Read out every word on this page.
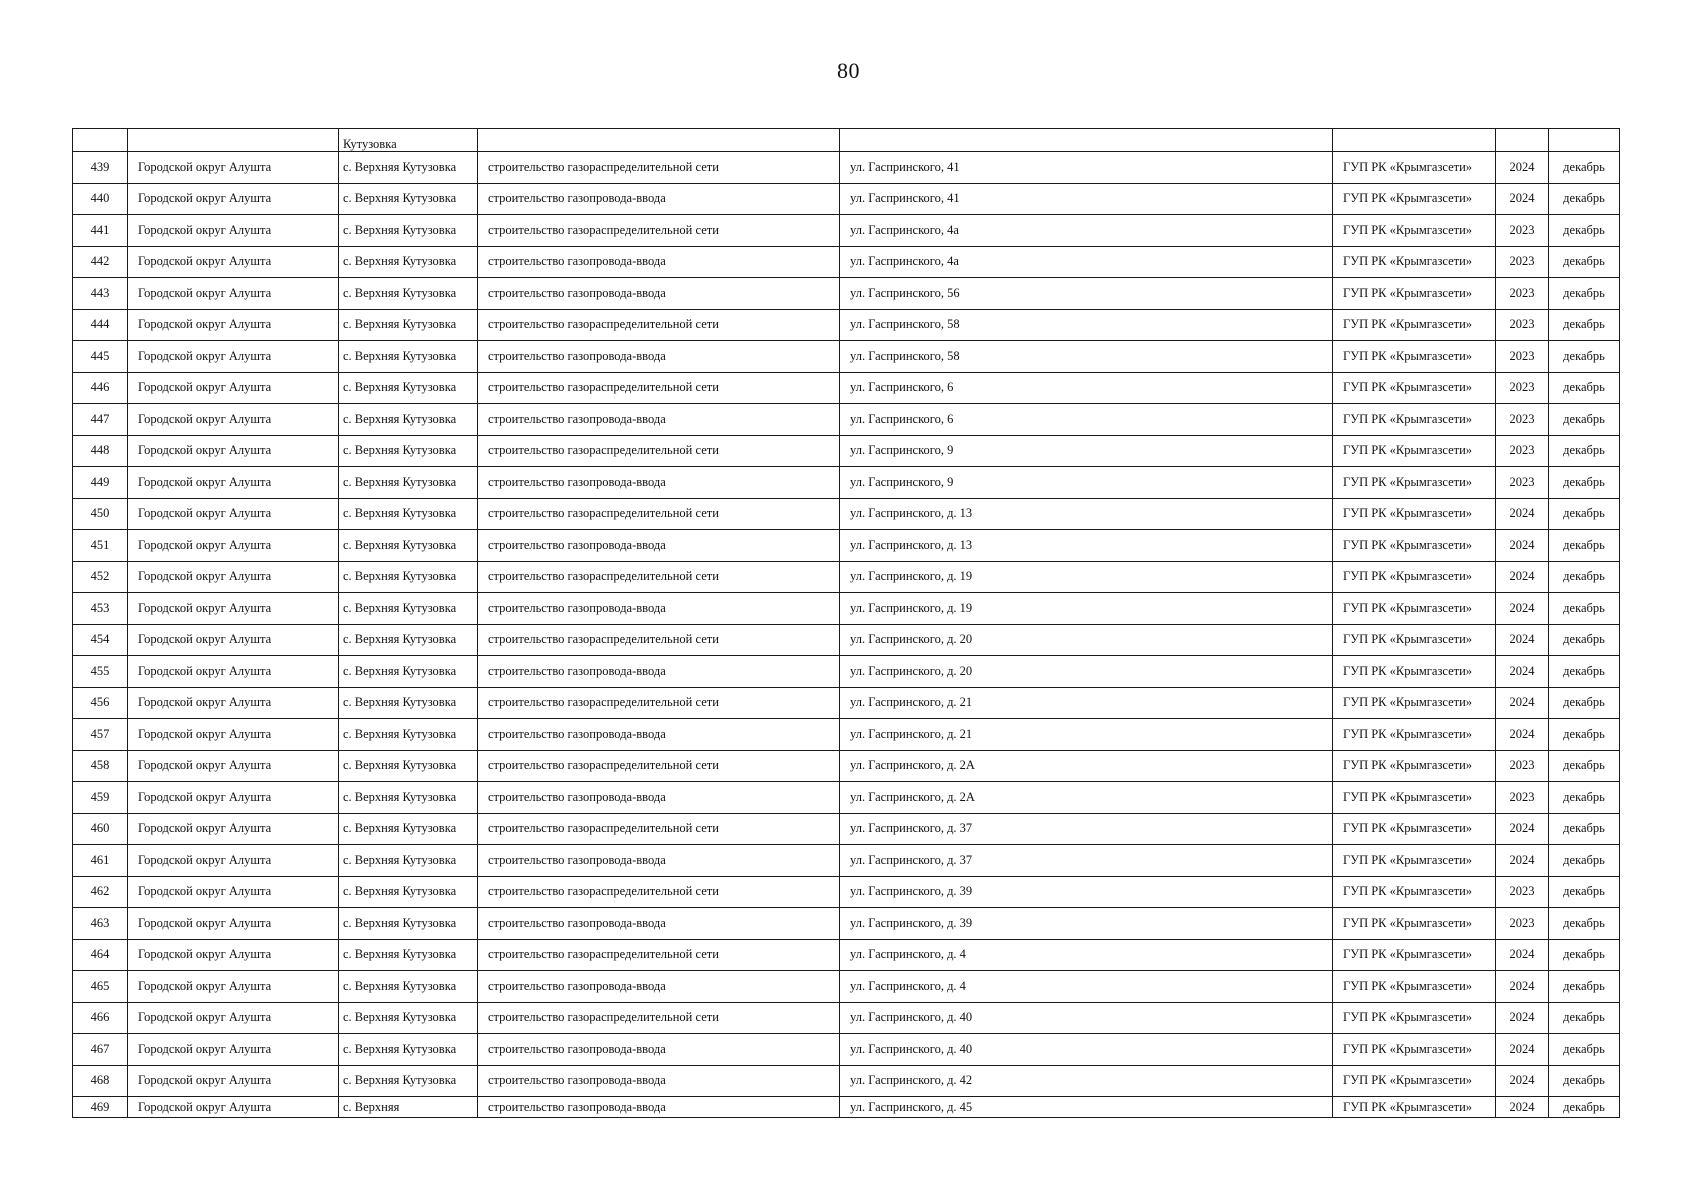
80
		Кутузовка					
439	Городской округ Алушта	с. Верхняя Кутузовка	строительство газораспределительной сети	ул. Гаспринского, 41	ГУП РК «Крымгазсети»	2024	декабрь
440	Городской округ Алушта	с. Верхняя Кутузовка	строительство газопровода-ввода	ул. Гаспринского, 41	ГУП РК «Крымгазсети»	2024	декабрь
441	Городской округ Алушта	с. Верхняя Кутузовка	строительство газораспределительной сети	ул. Гаспринского, 4а	ГУП РК «Крымгазсети»	2023	декабрь
442	Городской округ Алушта	с. Верхняя Кутузовка	строительство газопровода-ввода	ул. Гаспринского, 4а	ГУП РК «Крымгазсети»	2023	декабрь
443	Городской округ Алушта	с. Верхняя Кутузовка	строительство газопровода-ввода	ул. Гаспринского, 56	ГУП РК «Крымгазсети»	2023	декабрь
444	Городской округ Алушта	с. Верхняя Кутузовка	строительство газораспределительной сети	ул. Гаспринского, 58	ГУП РК «Крымгазсети»	2023	декабрь
445	Городской округ Алушта	с. Верхняя Кутузовка	строительство газопровода-ввода	ул. Гаспринского, 58	ГУП РК «Крымгазсети»	2023	декабрь
446	Городской округ Алушта	с. Верхняя Кутузовка	строительство газораспределительной сети	ул. Гаспринского, 6	ГУП РК «Крымгазсети»	2023	декабрь
447	Городской округ Алушта	с. Верхняя Кутузовка	строительство газопровода-ввода	ул. Гаспринского, 6	ГУП РК «Крымгазсети»	2023	декабрь
448	Городской округ Алушта	с. Верхняя Кутузовка	строительство газораспределительной сети	ул. Гаспринского, 9	ГУП РК «Крымгазсети»	2023	декабрь
449	Городской округ Алушта	с. Верхняя Кутузовка	строительство газопровода-ввода	ул. Гаспринского, 9	ГУП РК «Крымгазсети»	2023	декабрь
450	Городской округ Алушта	с. Верхняя Кутузовка	строительство газораспределительной сети	ул. Гаспринского, д. 13	ГУП РК «Крымгазсети»	2024	декабрь
451	Городской округ Алушта	с. Верхняя Кутузовка	строительство газопровода-ввода	ул. Гаспринского, д. 13	ГУП РК «Крымгазсети»	2024	декабрь
452	Городской округ Алушта	с. Верхняя Кутузовка	строительство газораспределительной сети	ул. Гаспринского, д. 19	ГУП РК «Крымгазсети»	2024	декабрь
453	Городской округ Алушта	с. Верхняя Кутузовка	строительство газопровода-ввода	ул. Гаспринского, д. 19	ГУП РК «Крымгазсети»	2024	декабрь
454	Городской округ Алушта	с. Верхняя Кутузовка	строительство газораспределительной сети	ул. Гаспринского, д. 20	ГУП РК «Крымгазсети»	2024	декабрь
455	Городской округ Алушта	с. Верхняя Кутузовка	строительство газопровода-ввода	ул. Гаспринского, д. 20	ГУП РК «Крымгазсети»	2024	декабрь
456	Городской округ Алушта	с. Верхняя Кутузовка	строительство газораспределительной сети	ул. Гаспринского, д. 21	ГУП РК «Крымгазсети»	2024	декабрь
457	Городской округ Алушта	с. Верхняя Кутузовка	строительство газопровода-ввода	ул. Гаспринского, д. 21	ГУП РК «Крымгазсети»	2024	декабрь
458	Городской округ Алушта	с. Верхняя Кутузовка	строительство газораспределительной сети	ул. Гаспринского, д. 2А	ГУП РК «Крымгазсети»	2023	декабрь
459	Городской округ Алушта	с. Верхняя Кутузовка	строительство газопровода-ввода	ул. Гаспринского, д. 2А	ГУП РК «Крымгазсети»	2023	декабрь
460	Городской округ Алушта	с. Верхняя Кутузовка	строительство газораспределительной сети	ул. Гаспринского, д. 37	ГУП РК «Крымгазсети»	2024	декабрь
461	Городской округ Алушта	с. Верхняя Кутузовка	строительство газопровода-ввода	ул. Гаспринского, д. 37	ГУП РК «Крымгазсети»	2024	декабрь
462	Городской округ Алушта	с. Верхняя Кутузовка	строительство газораспределительной сети	ул. Гаспринского, д. 39	ГУП РК «Крымгазсети»	2023	декабрь
463	Городской округ Алушта	с. Верхняя Кутузовка	строительство газопровода-ввода	ул. Гаспринского, д. 39	ГУП РК «Крымгазсети»	2023	декабрь
464	Городской округ Алушта	с. Верхняя Кутузовка	строительство газораспределительной сети	ул. Гаспринского, д. 4	ГУП РК «Крымгазсети»	2024	декабрь
465	Городской округ Алушта	с. Верхняя Кутузовка	строительство газопровода-ввода	ул. Гаспринского, д. 4	ГУП РК «Крымгазсети»	2024	декабрь
466	Городской округ Алушта	с. Верхняя Кутузовка	строительство газораспределительной сети	ул. Гаспринского, д. 40	ГУП РК «Крымгазсети»	2024	декабрь
467	Городской округ Алушта	с. Верхняя Кутузовка	строительство газопровода-ввода	ул. Гаспринского, д. 40	ГУП РК «Крымгазсети»	2024	декабрь
468	Городской округ Алушта	с. Верхняя Кутузовка	строительство газопровода-ввода	ул. Гаспринского, д. 42	ГУП РК «Крымгазсети»	2024	декабрь
469	Городской округ Алушта	с. Верхняя	строительство газопровода-ввода	ул. Гаспринского, д. 45	ГУП РК «Крымгазсети»	2024	декабрь
